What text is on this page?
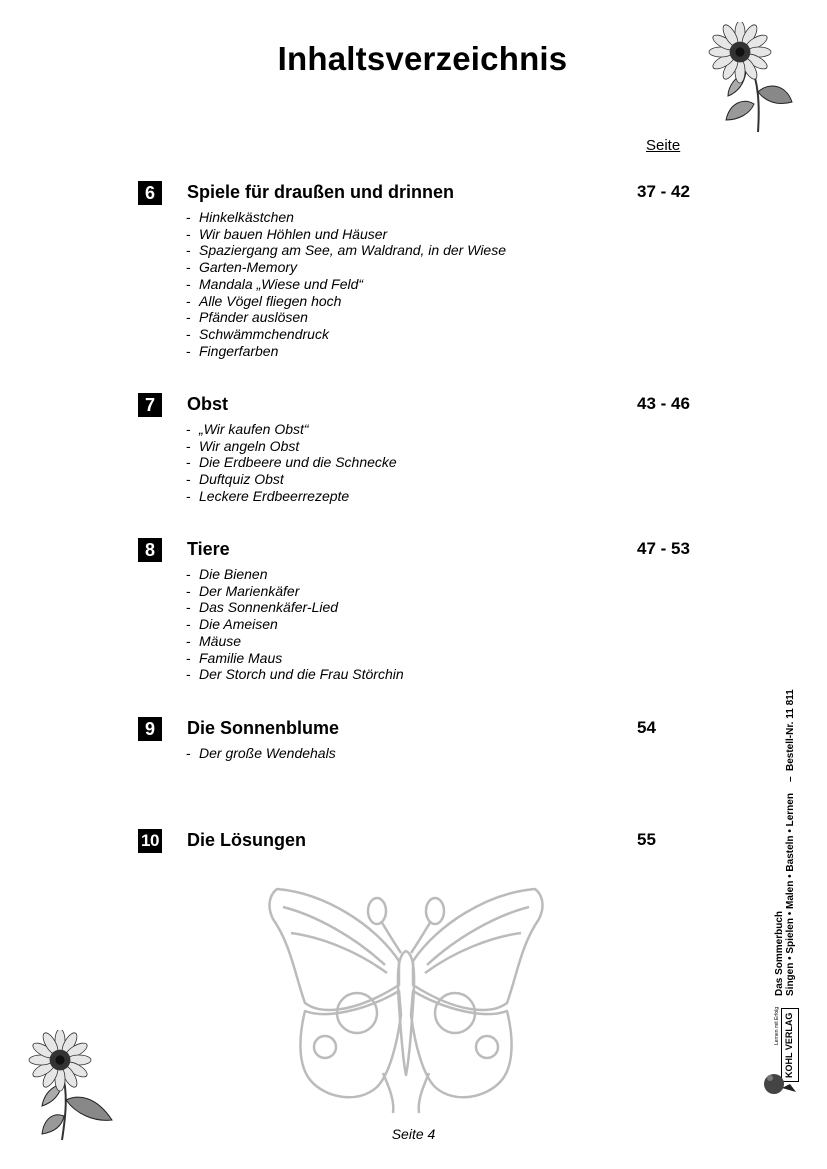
Inhaltsverzeichnis
Seite
6	Spiele für draußen und drinnen	37 - 42
- Hinkelkästchen
- Wir bauen Höhlen und Häuser
- Spaziergang am See, am Waldrand, in der Wiese
- Garten-Memory
- Mandala „Wiese und Feld“
- Alle Vögel fliegen hoch
- Pfänder auslösen
- Schwämmchendruck
- Fingerfarben
7	Obst	43 - 46
- „Wir kaufen Obst“
- Wir angeln Obst
- Die Erdbeere und die Schnecke
- Duftquiz Obst
- Leckere Erdbeerrezepte
8	Tiere	47 - 53
- Die Bienen
- Der Marienkäfer
- Das Sonnenkäfer-Lied
- Die Ameisen
- Mäuse
- Familie Maus
- Der Storch und die Frau Störchin
9	Die Sonnenblume	54
- Der große Wendehals
10 Die Lösungen	55
Das Sommerbuch Singen • Spielen • Malen • Basteln • Lernen
–
Bestell-Nr. 11 811
KOHL VERLAG
Lernen mit Erfolg
Seite 4
